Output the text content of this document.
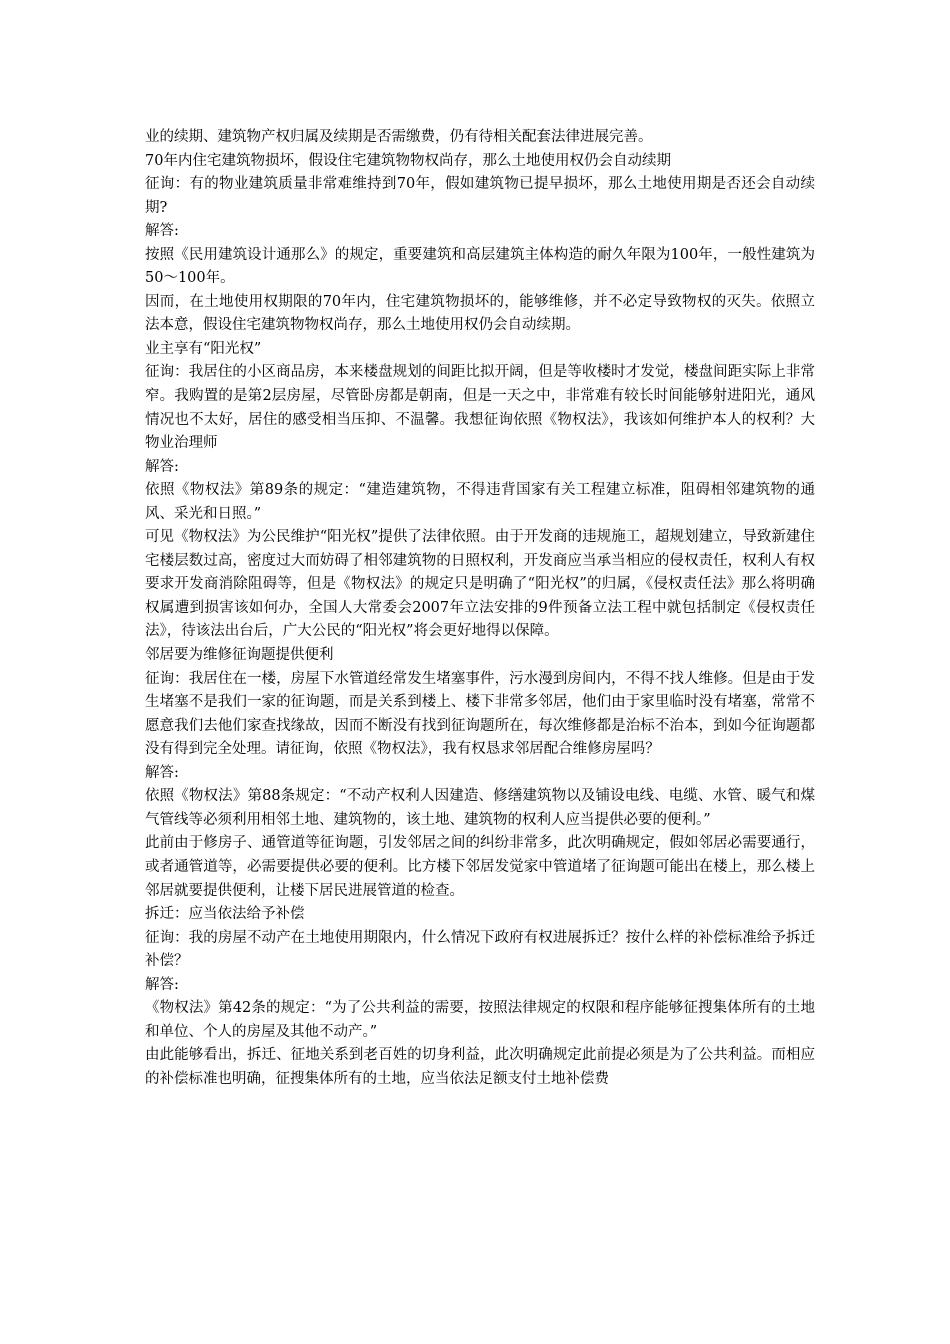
业的续期、建筑物产权归属及续期是否需缴费，仍有待相关配套法律进展完善。

70年内住宅建筑物损坏，假设住宅建筑物物权尚存，那么土地使用权仍会自动续期

征询：有的物业建筑质量非常难维持到70年，假如建筑物已提早损坏，那么土地使用期是否还会自动续期?

解答:

按照《民用建筑设计通那么》的规定，重要建筑和高层建筑主体构造的耐久年限为100年，一般性建筑为50～100年。

因而，在土地使用权期限的70年内，住宅建筑物损坏的，能够维修，并不必定导致物权的灭失。依照立法本意，假设住宅建筑物物权尚存，那么土地使用权仍会自动续期。

业主享有“阳光权”

征询：我居住的小区商品房，本来楼盘规划的间距比拟开阔，但是等收楼时才发觉，楼盘间距实际上非常窄。我购置的是第2层房屋，尽管卧房都是朝南，但是一天之中，非常难有较长时间能够射进阳光，通风情况也不太好，居住的感受相当压抑、不温馨。我想征询依照《物权法》，我该如何维护本人的权利？大物业治理师

解答:

依照《物权法》第89条的规定：“建造建筑物，不得违背国家有关工程建立标准，阻碍相邻建筑物的通风、采光和日照。”

可见《物权法》为公民维护“阳光权”提供了法律依照。由于开发商的违规施工，超规划建立，导致新建住宅楼层数过高，密度过大而妨碍了相邻建筑物的日照权利，开发商应当承当相应的侵权责任，权利人有权要求开发商消除阻碍等，但是《物权法》的规定只是明确了“阳光权”的归属，《侵权责任法》那么将明确权属遭到损害该如何办，全国人大常委会2007年立法安排的9件预备立法工程中就包括制定《侵权责任法》，待该法出台后，广大公民的“阳光权”将会更好地得以保障。

邻居要为维修征询题提供便利

征询：我居住在一楼，房屋下水管道经常发生堵塞事件，污水漫到房间内，不得不找人维修。但是由于发生堵塞不是我们一家的征询题，而是关系到楼上、楼下非常多邻居，他们由于家里临时没有堵塞，常常不愿意我们去他们家查找缘故，因而不断没有找到征询题所在，每次维修都是治标不治本，到如今征询题都没有得到完全处理。请征询，依照《物权法》，我有权恳求邻居配合维修房屋吗？

解答:

依照《物权法》第88条规定：“不动产权利人因建造、修缮建筑物以及铺设电线、电缆、水管、暖气和煤气管线等必须利用相邻土地、建筑物的，该土地、建筑物的权利人应当提供必要的便利。”

此前由于修房子、通管道等征询题，引发邻居之间的纠纷非常多，此次明确规定，假如邻居必需要通行，或者通管道等，必需要提供必要的便利。比方楼下邻居发觉家中管道堵了征询题可能出在楼上，那么楼上邻居就要提供便利，让楼下居民进展管道的检查。

拆迁：应当依法给予补偿

征询：我的房屋不动产在土地使用期限内，什么情况下政府有权进展拆迁？按什么样的补偿标准给予拆迁补偿？

解答:

《物权法》第42条的规定：“为了公共利益的需要，按照法律规定的权限和程序能够征搜集体所有的土地和单位、个人的房屋及其他不动产。”

由此能够看出，拆迁、征地关系到老百姓的切身利益，此次明确规定此前提必须是为了公共利益。而相应的补偿标准也明确，征搜集体所有的土地，应当依法足额支付土地补偿费
